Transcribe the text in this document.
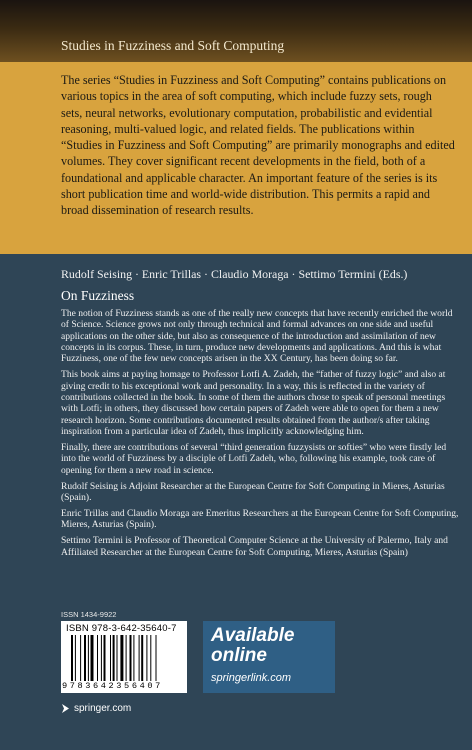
Studies in Fuzziness and Soft Computing
The series “Studies in Fuzziness and Soft Computing” contains publications on various topics in the area of soft computing, which include fuzzy sets, rough sets, neural networks, evolutionary computation, probabilistic and evidential reasoning, multi-valued logic, and related fields. The publications within “Studies in Fuzziness and Soft Computing” are primarily monographs and edited volumes. They cover significant recent developments in the field, both of a foundational and applicable character. An important feature of the series is its short publication time and world-wide distribution. This permits a rapid and broad dissemination of research results.
Rudolf Seising · Enric Trillas · Claudio Moraga · Settimo Termini (Eds.)
On Fuzziness

The notion of Fuzziness stands as one of the really new concepts that have recently enriched the world of Science. Science grows not only through technical and formal advances on one side and useful applications on the other side, but also as consequence of the introduction and assimilation of new concepts in its corpus. These, in turn, produce new developments and applications. And this is what Fuzziness, one of the few new concepts arisen in the XX Century, has been doing so far.

This book aims at paying homage to Professor Lotfi A. Zadeh, the “father of fuzzy logic” and also at giving credit to his exceptional work and personality. In a way, this is reflected in the variety of contributions collected in the book. In some of them the authors chose to speak of personal meetings with Lotfi; in others, they discussed how certain papers of Zadeh were able to open for them a new research horizon. Some contributions documented results obtained from the author/s after taking inspiration from a particular idea of Zadeh, thus implicitly acknowledging him.

Finally, there are contributions of several “third generation fuzzysists or softies” who were firstly led into the world of Fuzziness by a disciple of Lotfi Zadeh, who, following his example, took care of opening for them a new road in science.

Rudolf Seising is Adjoint Researcher at the European Centre for Soft Computing in Mieres, Asturias (Spain).

Enric Trillas and Claudio Moraga are Emeritus Researchers at the European Centre for Soft Computing, Mieres, Asturias (Spain).

Settimo Termini is Professor of Theoretical Computer Science at the University of Palermo, Italy and Affiliated Researcher at the European Centre for Soft Computing, Mieres, Asturias (Spain)

ISSN 1434-9922
ISBN 978-3-642-35640-7
9783642356407
Available
online
springerlink.com
springer.com
